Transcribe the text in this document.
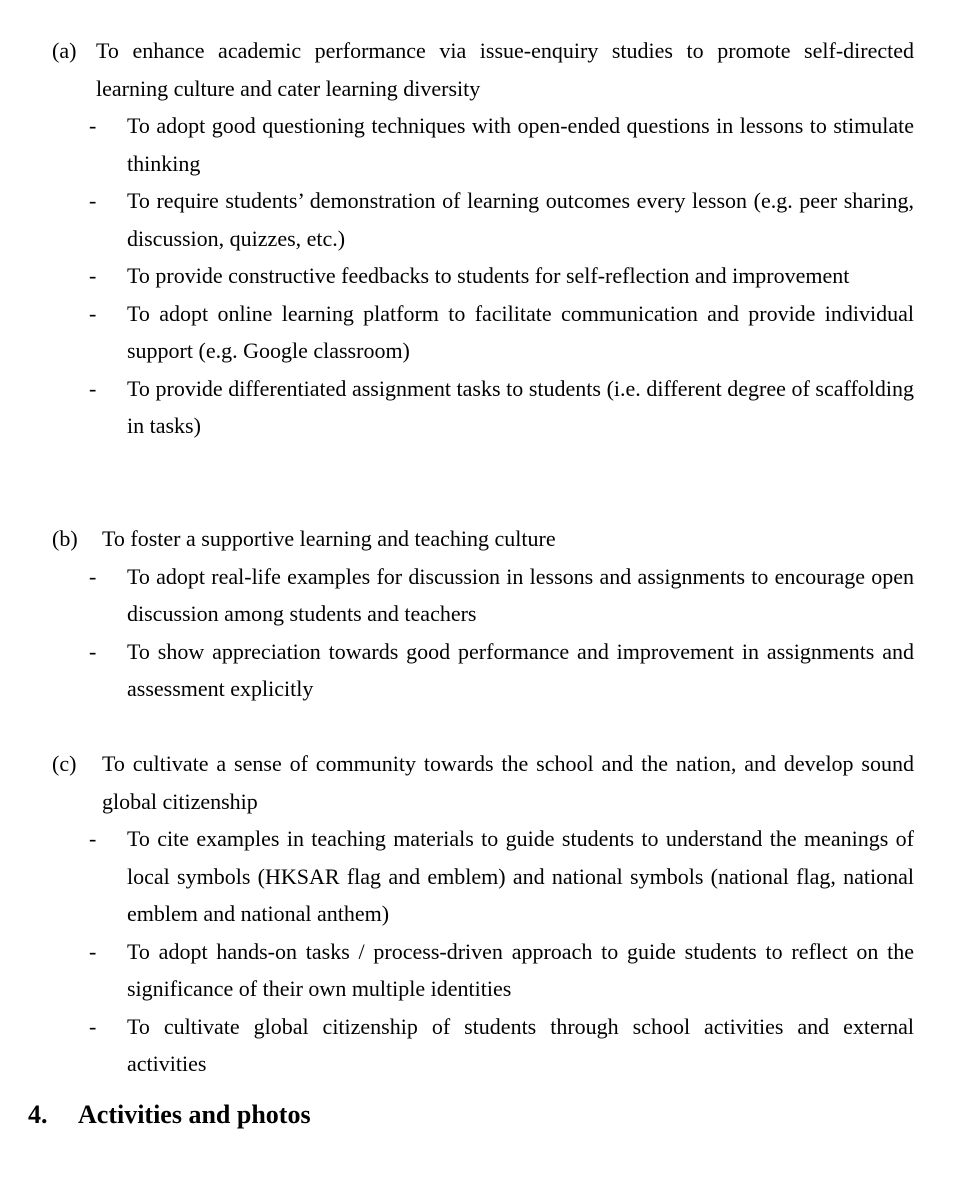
(a) To enhance academic performance via issue-enquiry studies to promote self-directed learning culture and cater learning diversity
- To adopt good questioning techniques with open-ended questions in lessons to stimulate thinking
- To require students’ demonstration of learning outcomes every lesson (e.g. peer sharing, discussion, quizzes, etc.)
- To provide constructive feedbacks to students for self-reflection and improvement
- To adopt online learning platform to facilitate communication and provide individual support (e.g. Google classroom)
- To provide differentiated assignment tasks to students (i.e. different degree of scaffolding in tasks)
(b)	To foster a supportive learning and teaching culture
- To adopt real-life examples for discussion in lessons and assignments to encourage open discussion among students and teachers
- To show appreciation towards good performance and improvement in assignments and assessment explicitly
(c)	To cultivate a sense of community towards the school and the nation, and develop sound global citizenship
- To cite examples in teaching materials to guide students to understand the meanings of local symbols (HKSAR flag and emblem) and national symbols (national flag, national emblem and national anthem)
- To adopt hands-on tasks / process-driven approach to guide students to reflect on the significance of their own multiple identities
- To cultivate global citizenship of students through school activities and external activities
4.	Activities and photos
